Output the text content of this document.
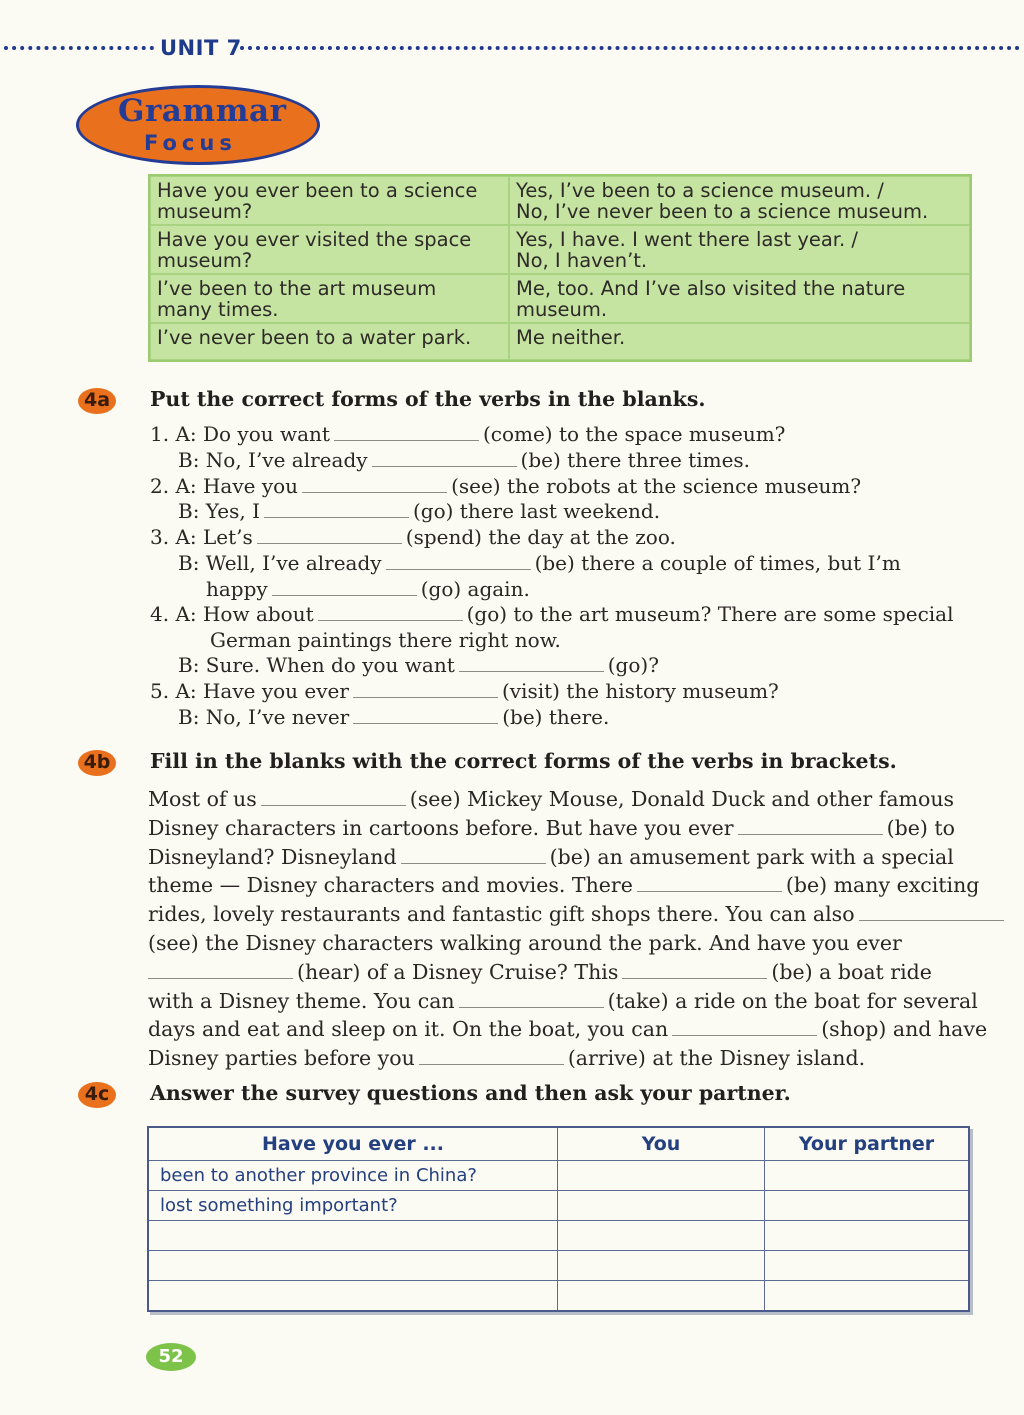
UNIT 7
Grammar
Focus
Have you ever been to a science
museum?	Yes, I’ve been to a science museum. /
No, I’ve never been to a science museum.
Have you ever visited the space
museum?	Yes, I have. I went there last year. /
No, I haven’t.
I’ve been to the art museum
many times.	Me, too. And I’ve also visited the nature
museum.
I’ve never been to a water park.	Me neither.
4a Put the correct forms of the verbs in the blanks.
1. A: Do you want	(come) to the space museum?
B: No, I’ve already	(be) there three times.
2. A: Have you	(see) the robots at the science museum?
B: Yes, I	(go) there last weekend.
3. A: Let’s	(spend) the day at the zoo.
B: Well, I’ve already	(be) there a couple of times, but I’m
happy	(go) again.
4. A: How about	(go) to the art museum? There are some special
German paintings there right now.
B: Sure. When do you want	(go)?
5. A: Have you ever	(visit) the history museum?
B: No, I’ve never	(be) there.
4b Fill in the blanks with the correct forms of the verbs in brackets.
Most of us	(see) Mickey Mouse, Donald Duck and other famous
Disney characters in cartoons before. But have you ever	(be) to
Disneyland? Disneyland	(be) an amusement park with a special
theme — Disney characters and movies. There	(be) many exciting
rides, lovely restaurants and fantastic gift shops there. You can also
(see) the Disney characters walking around the park. And have you ever
(hear) of a Disney Cruise? This	(be) a boat ride
with a Disney theme. You can	(take) a ride on the boat for several
days and eat and sleep on it. On the boat, you can	(shop) and have
Disney parties before you	(arrive) at the Disney island.
4c	Answer the survey questions and then ask your partner.
Have you ever ...	You	Your partner
been to another province in China?		
lost something important?		

52
